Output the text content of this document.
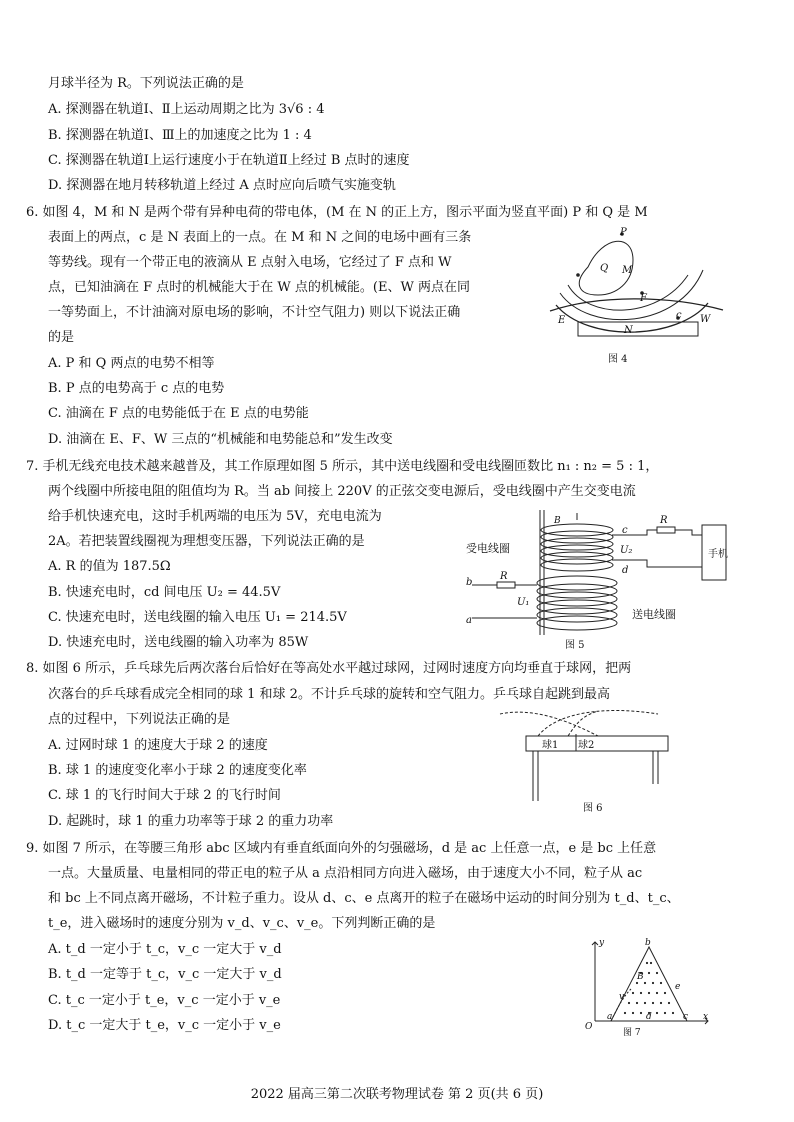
月球半径为 R。下列说法正确的是
A. 探测器在轨道Ⅰ、Ⅱ上运动周期之比为 3√6 : 4
B. 探测器在轨道Ⅰ、Ⅲ上的加速度之比为 1 : 4
C. 探测器在轨道Ⅰ上运行速度小于在轨道Ⅱ上经过 B 点时的速度
D. 探测器在地月转移轨道上经过 A 点时应向后喷气实施变轨
6. 如图 4，M 和 N 是两个带有异种电荷的带电体，(M 在 N 的正上方，图示平面为竖直平面) P 和 Q 是 M
表面上的两点，c 是 N 表面上的一点。在 M 和 N 之间的电场中画有三条
等势线。现有一个带正电的液滴从 E 点射入电场，它经过了 F 点和 W
点，已知油滴在 F 点时的机械能大于在 W 点的机械能。(E、W 两点在同
一等势面上，不计油滴对原电场的影响，不计空气阻力) 则以下说法正确
的是
A. P 和 Q 两点的电势不相等
B. P 点的电势高于 c 点的电势
C. 油滴在 F 点的电势能低于在 E 点的电势能
D. 油滴在 E、F、W 三点的“机械能和电势能总和”发生改变
7. 手机无线充电技术越来越普及，其工作原理如图 5 所示，其中送电线圈和受电线圈匝数比 n₁ : n₂ = 5 : 1，
两个线圈中所接电阻的阻值均为 R。当 ab 间接上 220V 的正弦交变电源后，受电线圈中产生交变电流
给手机快速充电，这时手机两端的电压为 5V，充电电流为
2A。若把装置线圈视为理想变压器，下列说法正确的是
A. R 的值为 187.5Ω
B. 快速充电时，cd 间电压 U₂ = 44.5V
C. 快速充电时，送电线圈的输入电压 U₁ = 214.5V
D. 快速充电时，送电线圈的输入功率为 85W
8. 如图 6 所示，乒乓球先后两次落台后恰好在等高处水平越过球网，过网时速度方向均垂直于球网，把两
次落台的乒乓球看成完全相同的球 1 和球 2。不计乒乓球的旋转和空气阻力。乒乓球自起跳到最高
点的过程中，下列说法正确的是
A. 过网时球 1 的速度大于球 2 的速度
B. 球 1 的速度变化率小于球 2 的速度变化率
C. 球 1 的飞行时间大于球 2 的飞行时间
D. 起跳时，球 1 的重力功率等于球 2 的重力功率
9. 如图 7 所示，在等腰三角形 abc 区域内有垂直纸面向外的匀强磁场，d 是 ac 上任意一点，e 是 bc 上任意
一点。大量质量、电量相同的带正电的粒子从 a 点沿相同方向进入磁场，由于速度大小不同，粒子从 ac
和 bc 上不同点离开磁场，不计粒子重力。设从 d、c、e 点离开的粒子在磁场中运动的时间分别为 t_d、t_c、
t_e，进入磁场时的速度分别为 v_d、v_c、v_e。下列判断正确的是
A. t_d 一定小于 t_c，v_c 一定大于 v_d
B. t_d 一定等于 t_c，v_c 一定大于 v_d
C. t_c 一定小于 t_e，v_c 一定小于 v_e
D. t_c 一定大于 t_e，v_c 一定小于 v_e
P
Q M
F
E	W
N
c
图 4
B
受电线圈
送电线圈
手机
R
R
U₂
U₁
c
d
a
b
图 5
球1 球2
图 6
y	b
O
a	d	c x
e
B
v
图 7
2022 届高三第二次联考物理试卷 第 2 页(共 6 页)
